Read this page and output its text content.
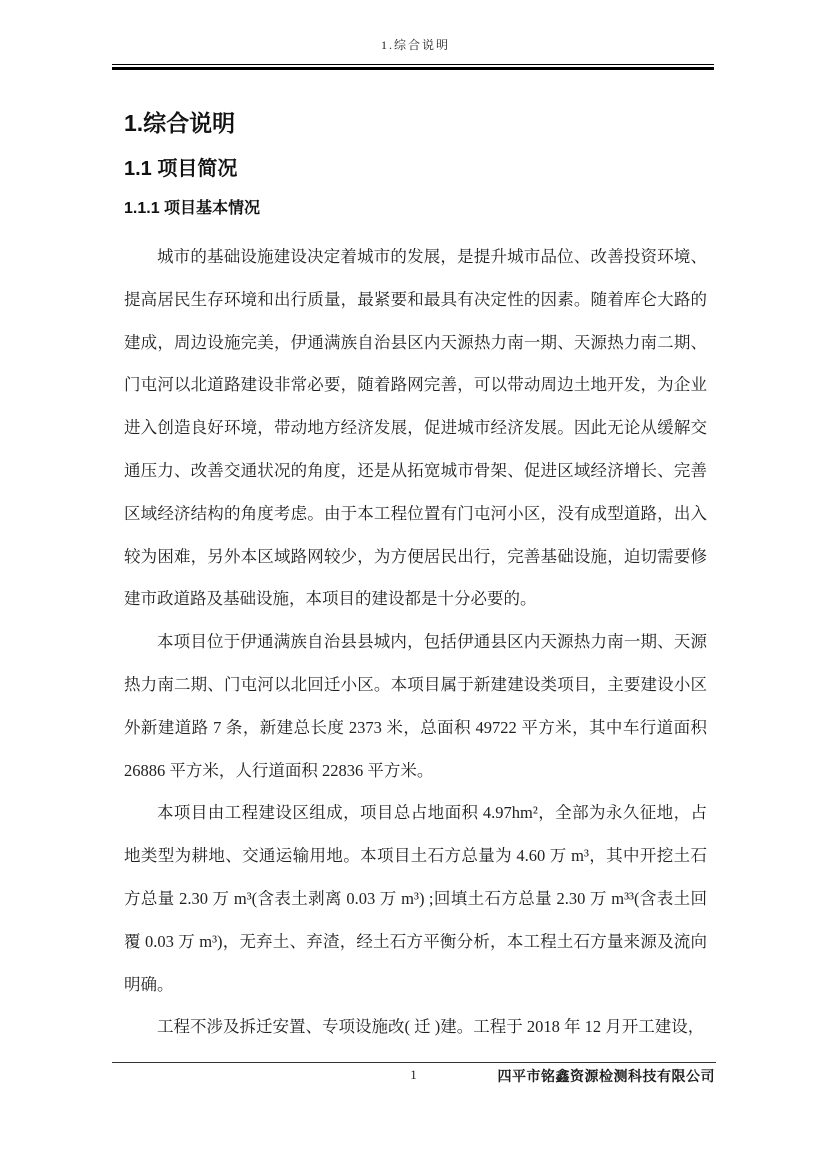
1.综合说明
1.综合说明
1.1 项目简况
1.1.1 项目基本情况

城市的基础设施建设决定着城市的发展，是提升城市品位、改善投资环境、提高居民生存环境和出行质量，最紧要和最具有决定性的因素。随着库仑大路的建成，周边设施完美，伊通满族自治县区内天源热力南一期、天源热力南二期、门屯河以北道路建设非常必要，随着路网完善，可以带动周边土地开发，为企业进入创造良好环境，带动地方经济发展，促进城市经济发展。因此无论从缓解交通压力、改善交通状况的角度，还是从拓宽城市骨架、促进区域经济增长、完善区域经济结构的角度考虑。由于本工程位置有门屯河小区，没有成型道路，出入较为困难，另外本区域路网较少，为方便居民出行，完善基础设施，迫切需要修建市政道路及基础设施，本项目的建设都是十分必要的。

本项目位于伊通满族自治县县城内，包括伊通县区内天源热力南一期、天源热力南二期、门屯河以北回迁小区。本项目属于新建建设类项目，主要建设小区外新建道路 7 条，新建总长度 2373 米，总面积 49722 平方米，其中车行道面积 26886 平方米，人行道面积 22836 平方米。

本项目由工程建设区组成，项目总占地面积 4.97hm²，全部为永久征地，占地类型为耕地、交通运输用地。本项目土石方总量为 4.60 万 m³，其中开挖土石方总量 2.30 万 m³(含表土剥离 0.03 万 m³) ;回填土石方总量 2.30 万 m³³(含表土回覆 0.03 万 m³)，无弃土、弃渣，经土石方平衡分析，本工程土石方量来源及流向明确。

工程不涉及拆迁安置、专项设施改( 迁 )建。工程于 2018 年 12 月开工建设，

1	四平市铭鑫资源检测科技有限公司
